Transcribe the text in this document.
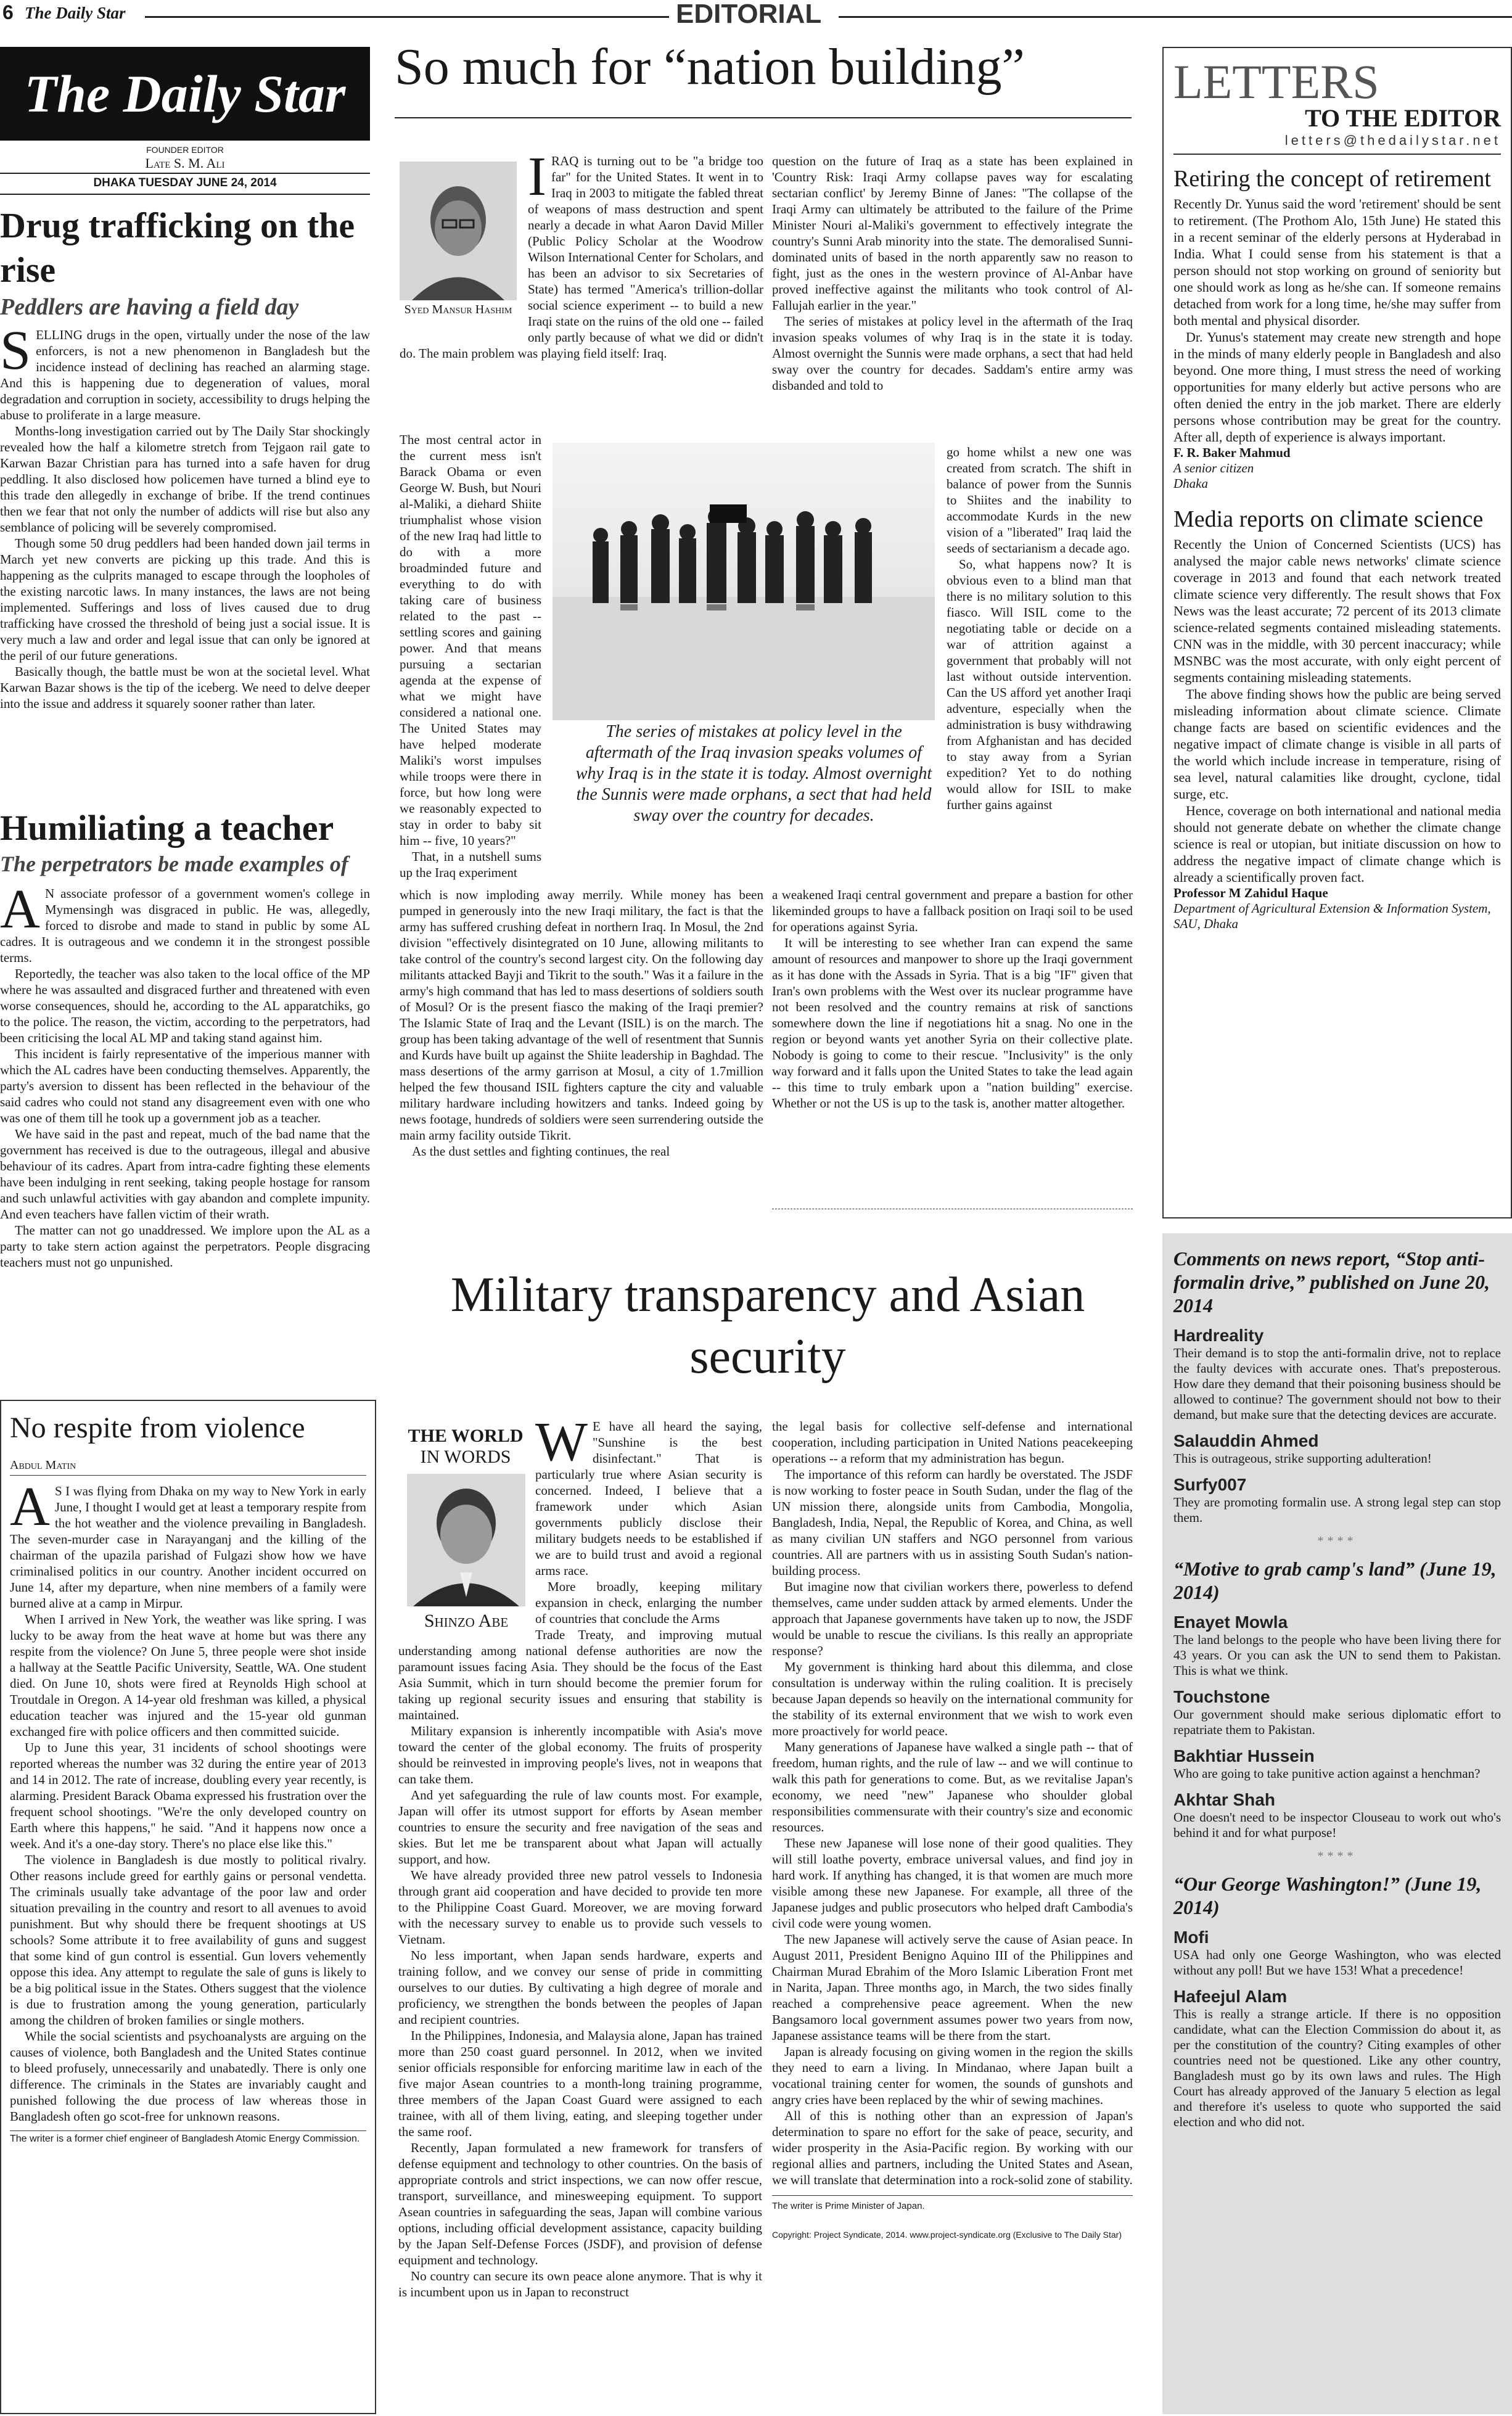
6 The Daily Star	EDITORIAL
The Daily Star
FOUNDER EDITOR
Late S. M. Ali
DHAKA TUESDAY JUNE 24, 2014
Drug trafficking on the rise
Peddlers are having a field day
S ELLING drugs in the open, virtually under the nose of the law enforcers, is not a new phenomenon in Bangladesh but the incidence instead of declining has reached an alarming stage. And this is happening due to degeneration of values, moral degradation and corruption in society, accessibility to drugs helping the abuse to proliferate in a large measure.

Months-long investigation carried out by The Daily Star shockingly revealed how the half a kilometre stretch from Tejgaon rail gate to Karwan Bazar Christian para has turned into a safe haven for drug peddling. It also disclosed how policemen have turned a blind eye to this trade den allegedly in exchange of bribe. If the trend continues then we fear that not only the number of addicts will rise but also any semblance of policing will be severely compromised.

Though some 50 drug peddlers had been handed down jail terms in March yet new converts are picking up this trade. And this is happening as the culprits managed to escape through the loopholes of the existing narcotic laws. In many instances, the laws are not being implemented. Sufferings and loss of lives caused due to drug trafficking have crossed the threshold of being just a social issue. It is very much a law and order and legal issue that can only be ignored at the peril of our future generations.

Basically though, the battle must be won at the societal level. What Karwan Bazar shows is the tip of the iceberg. We need to delve deeper into the issue and address it squarely sooner rather than later.

Humiliating a teacher
The perpetrators be made examples of
A N associate professor of a government women's college in Mymensingh was disgraced in public. He was, allegedly, forced to disrobe and made to stand in public by some AL cadres. It is outrageous and we condemn it in the strongest possible terms.

Reportedly, the teacher was also taken to the local office of the MP where he was assaulted and disgraced further and threatened with even worse consequences, should he, according to the AL apparatchiks, go to the police. The reason, the victim, according to the perpetrators, had been criticising the local AL MP and taking stand against him.

This incident is fairly representative of the imperious manner with which the AL cadres have been conducting themselves. Apparently, the party's aversion to dissent has been reflected in the behaviour of the said cadres who could not stand any disagreement even with one who was one of them till he took up a government job as a teacher.

We have said in the past and repeat, much of the bad name that the government has received is due to the outrageous, illegal and abusive behaviour of its cadres. Apart from intra-cadre fighting these elements have been indulging in rent seeking, taking people hostage for ransom and such unlawful activities with gay abandon and complete impunity. And even teachers have fallen victim of their wrath.

The matter can not go unaddressed. We implore upon the AL as a party to take stern action against the perpetrators. People disgracing teachers must not go unpunished.

No respite from violence
Abdul Matin
A S I was flying from Dhaka on my way to New York in early June, I thought I would get at least a temporary respite from the hot weather and the violence prevailing in Bangladesh. The seven-murder case in Narayanganj and the killing of the chairman of the upazila parishad of Fulgazi show how we have criminalised politics in our country. Another incident occurred on June 14, after my departure, when nine members of a family were burned alive at a camp in Mirpur.

When I arrived in New York, the weather was like spring. I was lucky to be away from the heat wave at home but was there any respite from the violence? On June 5, three people were shot inside a hallway at the Seattle Pacific University, Seattle, WA. One student died. On June 10, shots were fired at Reynolds High school at Troutdale in Oregon. A 14-year old freshman was killed, a physical education teacher was injured and the 15-year old gunman exchanged fire with police officers and then committed suicide.

Up to June this year, 31 incidents of school shootings were reported whereas the number was 32 during the entire year of 2013 and 14 in 2012. The rate of increase, doubling every year recently, is alarming. President Barack Obama expressed his frustration over the frequent school shootings. "We're the only developed country on Earth where this happens," he said. "And it happens now once a week. And it's a one-day story. There's no place else like this."

The violence in Bangladesh is due mostly to political rivalry. Other reasons include greed for earthly gains or personal vendetta. The criminals usually take advantage of the poor law and order situation prevailing in the country and resort to all avenues to avoid punishment. But why should there be frequent shootings at US schools? Some attribute it to free availability of guns and suggest that some kind of gun control is essential. Gun lovers vehemently oppose this idea. Any attempt to regulate the sale of guns is likely to be a big political issue in the States. Others suggest that the violence is due to frustration among the young generation, particularly among the children of broken families or single mothers.

While the social scientists and psychoanalysts are arguing on the causes of violence, both Bangladesh and the United States continue to bleed profusely, unnecessarily and unabatedly. There is only one difference. The criminals in the States are invariably caught and punished following the due process of law whereas those in Bangladesh often go scot-free for unknown reasons.

The writer is a former chief engineer of Bangladesh Atomic Energy Commission.
So much for “nation building”
Syed Mansur Hashim
I RAQ is turning out to be "a bridge too far" for the United States. It went in to Iraq in 2003 to mitigate the fabled threat of weapons of mass destruction and spent nearly a decade in what Aaron David Miller (Public Policy Scholar at the Woodrow Wilson International Center for Scholars, and has been an advisor to six Secretaries of State) has termed "America's trillion-dollar social science experiment -- to build a new Iraqi state on the ruins of the old one -- failed only partly because of what we did or didn't do. The main problem was playing field itself: Iraq.

The most central actor in the current mess isn't Barack Obama or even George W. Bush, but Nouri al-Maliki, a diehard Shiite triumphalist whose vision of the new Iraq had little to do with a more broadminded future and everything to do with taking care of business related to the past -- settling scores and gaining power. And that means pursuing a sectarian agenda at the expense of what we might have considered a national one. The United States may have helped moderate Maliki's worst impulses while troops were there in force, but how long were we reasonably expected to stay in order to baby sit him -- five, 10 years?"

That, in a nutshell sums up the Iraq experiment

The series of mistakes at policy level in the aftermath of the Iraq invasion speaks volumes of why Iraq is in the state it is today. Almost overnight the Sunnis were made orphans, a sect that had held sway over the country for decades.

question on the future of Iraq as a state has been explained in 'Country Risk: Iraqi Army collapse paves way for escalating sectarian conflict' by Jeremy Binne of Janes: "The collapse of the Iraqi Army can ultimately be attributed to the failure of the Prime Minister Nouri al-Maliki's government to effectively integrate the country's Sunni Arab minority into the state. The demoralised Sunni-dominated units of based in the north apparently saw no reason to fight, just as the ones in the western province of Al-Anbar have proved ineffective against the militants who took control of Al-Fallujah earlier in the year."

The series of mistakes at policy level in the aftermath of the Iraq invasion speaks volumes of why Iraq is in the state it is today. Almost overnight the Sunnis were made orphans, a sect that had held sway over the country for decades. Saddam's entire army was disbanded and told to

go home whilst a new one was created from scratch. The shift in balance of power from the Sunnis to Shiites and the inability to accommodate Kurds in the new vision of a "liberated" Iraq laid the seeds of sectarianism a decade ago.

So, what happens now? It is obvious even to a blind man that there is no military solution to this fiasco. Will ISIL come to the negotiating table or decide on a war of attrition against a government that probably will not last without outside intervention. Can the US afford yet another Iraqi adventure, especially when the administration is busy withdrawing from Afghanistan and has decided to stay away from a Syrian expedition? Yet to do nothing would allow for ISIL to make further gains against

which is now imploding away merrily. While money has been pumped in generously into the new Iraqi military, the fact is that the army has suffered crushing defeat in northern Iraq. In Mosul, the 2nd division "effectively disintegrated on 10 June, allowing militants to take control of the country's second largest city. On the following day militants attacked Bayji and Tikrit to the south." Was it a failure in the army's high command that has led to mass desertions of soldiers south of Mosul? Or is the present fiasco the making of the Iraqi premier? The Islamic State of Iraq and the Levant (ISIL) is on the march. The group has been taking advantage of the well of resentment that Sunnis and Kurds have built up against the Shiite leadership in Baghdad. The mass desertions of the army garrison at Mosul, a city of 1.7million helped the few thousand ISIL fighters capture the city and valuable military hardware including howitzers and tanks. Indeed going by news footage, hundreds of soldiers were seen surrendering outside the main army facility outside Tikrit.

As the dust settles and fighting continues, the real

a weakened Iraqi central government and prepare a bastion for other likeminded groups to have a fallback position on Iraqi soil to be used for operations against Syria.

It will be interesting to see whether Iran can expend the same amount of resources and manpower to shore up the Iraqi government as it has done with the Assads in Syria. That is a big "IF" given that Iran's own problems with the West over its nuclear programme have not been resolved and the country remains at risk of sanctions somewhere down the line if negotiations hit a snag. No one in the region or beyond wants yet another Syria on their collective plate. Nobody is going to come to their rescue. "Inclusivity" is the only way forward and it falls upon the United States to take the lead again -- this time to truly embark upon a "nation building" exercise. Whether or not the US is up to the task is, another matter altogether.

Military transparency and Asian security
THE WORLD
IN WORDS
Shinzo Abe
W E have all heard the saying, "Sunshine is the best disinfectant." That is particularly true where Asian security is concerned. Indeed, I believe that a framework under which Asian governments publicly disclose their military budgets needs to be established if we are to build trust and avoid a regional arms race.

More broadly, keeping military expansion in check, enlarging the number of countries that conclude the Arms

Trade Treaty, and improving mutual understanding among national defense authorities are now the paramount issues facing Asia. They should be the focus of the East Asia Summit, which in turn should become the premier forum for taking up regional security issues and ensuring that stability is maintained.

Military expansion is inherently incompatible with Asia's move toward the center of the global economy. The fruits of prosperity should be reinvested in improving people's lives, not in weapons that can take them.

And yet safeguarding the rule of law counts most. For example, Japan will offer its utmost support for efforts by Asean member countries to ensure the security and free navigation of the seas and skies. But let me be transparent about what Japan will actually support, and how.

We have already provided three new patrol vessels to Indonesia through grant aid cooperation and have decided to provide ten more to the Philippine Coast Guard. Moreover, we are moving forward with the necessary survey to enable us to provide such vessels to Vietnam.

No less important, when Japan sends hardware, experts and training follow, and we convey our sense of pride in committing ourselves to our duties. By cultivating a high degree of morale and proficiency, we strengthen the bonds between the peoples of Japan and recipient countries.

In the Philippines, Indonesia, and Malaysia alone, Japan has trained more than 250 coast guard personnel. In 2012, when we invited senior officials responsible for enforcing maritime law in each of the five major Asean countries to a month-long training programme, three members of the Japan Coast Guard were assigned to each trainee, with all of them living, eating, and sleeping together under the same roof.

Recently, Japan formulated a new framework for transfers of defense equipment and technology to other countries. On the basis of appropriate controls and strict inspections, we can now offer rescue, transport, surveillance, and minesweeping equipment. To support Asean countries in safeguarding the seas, Japan will combine various options, including official development assistance, capacity building by the Japan Self-Defense Forces (JSDF), and provision of defense equipment and technology.

No country can secure its own peace alone anymore. That is why it is incumbent upon us in Japan to reconstruct

the legal basis for collective self-defense and international cooperation, including participation in United Nations peacekeeping operations -- a reform that my administration has begun.

The importance of this reform can hardly be overstated. The JSDF is now working to foster peace in South Sudan, under the flag of the UN mission there, alongside units from Cambodia, Mongolia, Bangladesh, India, Nepal, the Republic of Korea, and China, as well as many civilian UN staffers and NGO personnel from various countries. All are partners with us in assisting South Sudan's nation-building process.

But imagine now that civilian workers there, powerless to defend themselves, came under sudden attack by armed elements. Under the approach that Japanese governments have taken up to now, the JSDF would be unable to rescue the civilians. Is this really an appropriate response?

My government is thinking hard about this dilemma, and close consultation is underway within the ruling coalition. It is precisely because Japan depends so heavily on the international community for the stability of its external environment that we wish to work even more proactively for world peace.

Many generations of Japanese have walked a single path -- that of freedom, human rights, and the rule of law -- and we will continue to walk this path for generations to come. But, as we revitalise Japan's economy, we need "new" Japanese who shoulder global responsibilities commensurate with their country's size and economic resources.

These new Japanese will lose none of their good qualities. They will still loathe poverty, embrace universal values, and find joy in hard work. If anything has changed, it is that women are much more visible among these new Japanese. For example, all three of the Japanese judges and public prosecutors who helped draft Cambodia's civil code were young women.

The new Japanese will actively serve the cause of Asian peace. In August 2011, President Benigno Aquino III of the Philippines and Chairman Murad Ebrahim of the Moro Islamic Liberation Front met in Narita, Japan. Three months ago, in March, the two sides finally reached a comprehensive peace agreement. When the new Bangsamoro local government assumes power two years from now, Japanese assistance teams will be there from the start.

Japan is already focusing on giving women in the region the skills they need to earn a living. In Mindanao, where Japan built a vocational training center for women, the sounds of gunshots and angry cries have been replaced by the whir of sewing machines.

All of this is nothing other than an expression of Japan's determination to spare no effort for the sake of peace, security, and wider prosperity in the Asia-Pacific region. By working with our regional allies and partners, including the United States and Asean, we will translate that determination into a rock-solid zone of stability.

The writer is Prime Minister of Japan.
Copyright: Project Syndicate, 2014. www.project-syndicate.org (Exclusive to The Daily Star)
LETTERS
TO THE EDITOR
letters@thedailystar.net
Retiring the concept of retirement

Recently Dr. Yunus said the word 'retirement' should be sent to retirement. (The Prothom Alo, 15th June) He stated this in a recent seminar of the elderly persons at Hyderabad in India. What I could sense from his statement is that a person should not stop working on ground of seniority but one should work as long as he/she can. If someone remains detached from work for a long time, he/she may suffer from both mental and physical disorder.

Dr. Yunus's statement may create new strength and hope in the minds of many elderly people in Bangladesh and also beyond. One more thing, I must stress the need of working opportunities for many elderly but active persons who are often denied the entry in the job market. There are elderly persons whose contribution may be great for the country. After all, depth of experience is always important.

F. R. Baker Mahmud
A senior citizen
Dhaka
Media reports on climate science

Recently the Union of Concerned Scientists (UCS) has analysed the major cable news networks' climate science coverage in 2013 and found that each network treated climate science very differently. The result shows that Fox News was the least accurate; 72 percent of its 2013 climate science-related segments contained misleading statements. CNN was in the middle, with 30 percent inaccuracy; while MSNBC was the most accurate, with only eight percent of segments containing misleading statements.

The above finding shows how the public are being served misleading information about climate science. Climate change facts are based on scientific evidences and the negative impact of climate change is visible in all parts of the world which include increase in temperature, rising of sea level, natural calamities like drought, cyclone, tidal surge, etc.

Hence, coverage on both international and national media should not generate debate on whether the climate change science is real or utopian, but initiate discussion on how to address the negative impact of climate change which is already a scientifically proven fact.

Professor M Zahidul Haque
Department of Agricultural Extension & Information System, SAU, Dhaka
Comments on news report, “Stop anti-formalin drive,” published on June 20, 2014
Hardreality

Their demand is to stop the anti-formalin drive, not to replace the faulty devices with accurate ones. That's preposterous. How dare they demand that their poisoning business should be allowed to continue? The government should not bow to their demand, but make sure that the detecting devices are accurate.

Salauddin Ahmed

This is outrageous, strike supporting adulteration!

Surfy007

They are promoting formalin use. A strong legal step can stop them.

****
“Motive to grab camp's land” (June 19, 2014)
Enayet Mowla

The land belongs to the people who have been living there for 43 years. Or you can ask the UN to send them to Pakistan. This is what we think.

Touchstone

Our government should make serious diplomatic effort to repatriate them to Pakistan.

Bakhtiar Hussein

Who are going to take punitive action against a henchman?

Akhtar Shah

One doesn't need to be inspector Clouseau to work out who's behind it and for what purpose!

****
“Our George Washington!” (June 19, 2014)
Mofi

USA had only one George Washington, who was elected without any poll! But we have 153! What a precedence!

Hafeejul Alam

This is really a strange article. If there is no opposition candidate, what can the Election Commission do about it, as per the constitution of the country? Citing examples of other countries need not be questioned. Like any other country, Bangladesh must go by its own laws and rules. The High Court has already approved of the January 5 election as legal and therefore it's useless to quote who supported the said election and who did not.
